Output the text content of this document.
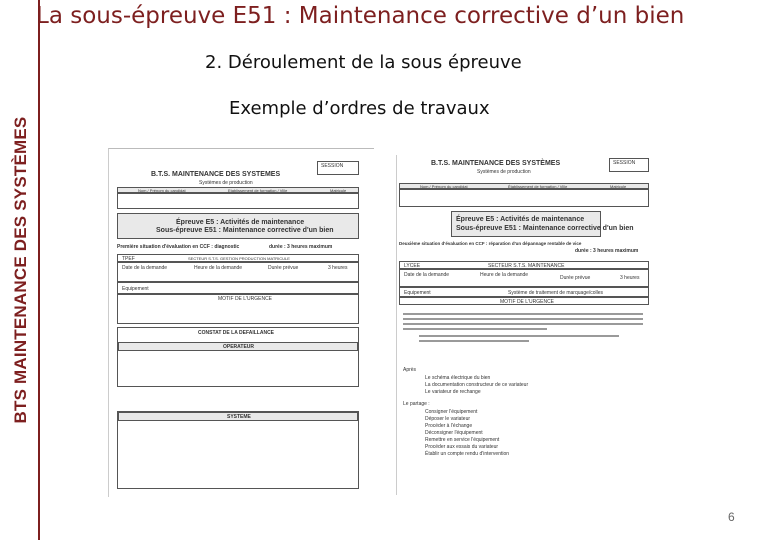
BTS MAINTENANCE DES SYSTÈMES
La sous-épreuve E51 : Maintenance corrective d’un bien
2. Déroulement de la sous épreuve
Exemple d’ordres de travaux
B.T.S. MAINTENANCE DES SYSTEMES
Systèmes de production
SESSION
Nom / Prénom du candidat	Etablissement de formation / Ville	Matricule
Épreuve E5 : Activités de maintenance
Sous-épreuve E51 : Maintenance corrective d'un bien
Première situation d'évaluation en CCF : diagnostic	durée : 3 heures maximum
TPEF	SECTEUR S.T.S. GESTION PRODUCTION MATRICULE
Date de la demande	Heure de la demande	Durée prévue	3 heures
Equipement
MOTIF DE L'URGENCE
CONSTAT DE LA DEFAILLANCE
OPERATEUR
SYSTEME
B.T.S. MAINTENANCE DES SYSTÈMES
Systèmes de production
SESSION
Nom / Prénom du candidat	Établissement de formation / Ville	Matricule
Épreuve E5 : Activités de maintenance
Sous-épreuve E51 : Maintenance corrective d'un bien
Deuxième situation d'évaluation en CCF : réparation d'un dépannage rentable de vice
durée : 3 heures maximum
LYCEE	SECTEUR S.T.S. MAINTENANCE
Date de la demande	Heure de la demande	Durée prévue	3 heures
Equipement	Système de traitement de marquage/colles
MOTIF DE L'URGENCE
Après
Le schéma électrique du bien
La documentation constructeur de ce variateur
Le variateur de rechange
Le partage :
Consigner l'équipement
Déposer le variateur
Procéder à l'échange
Déconsigner l'équipement
Remettre en service l'équipement
Procéder aux essais du variateur
Établir un compte rendu d'intervention
6
